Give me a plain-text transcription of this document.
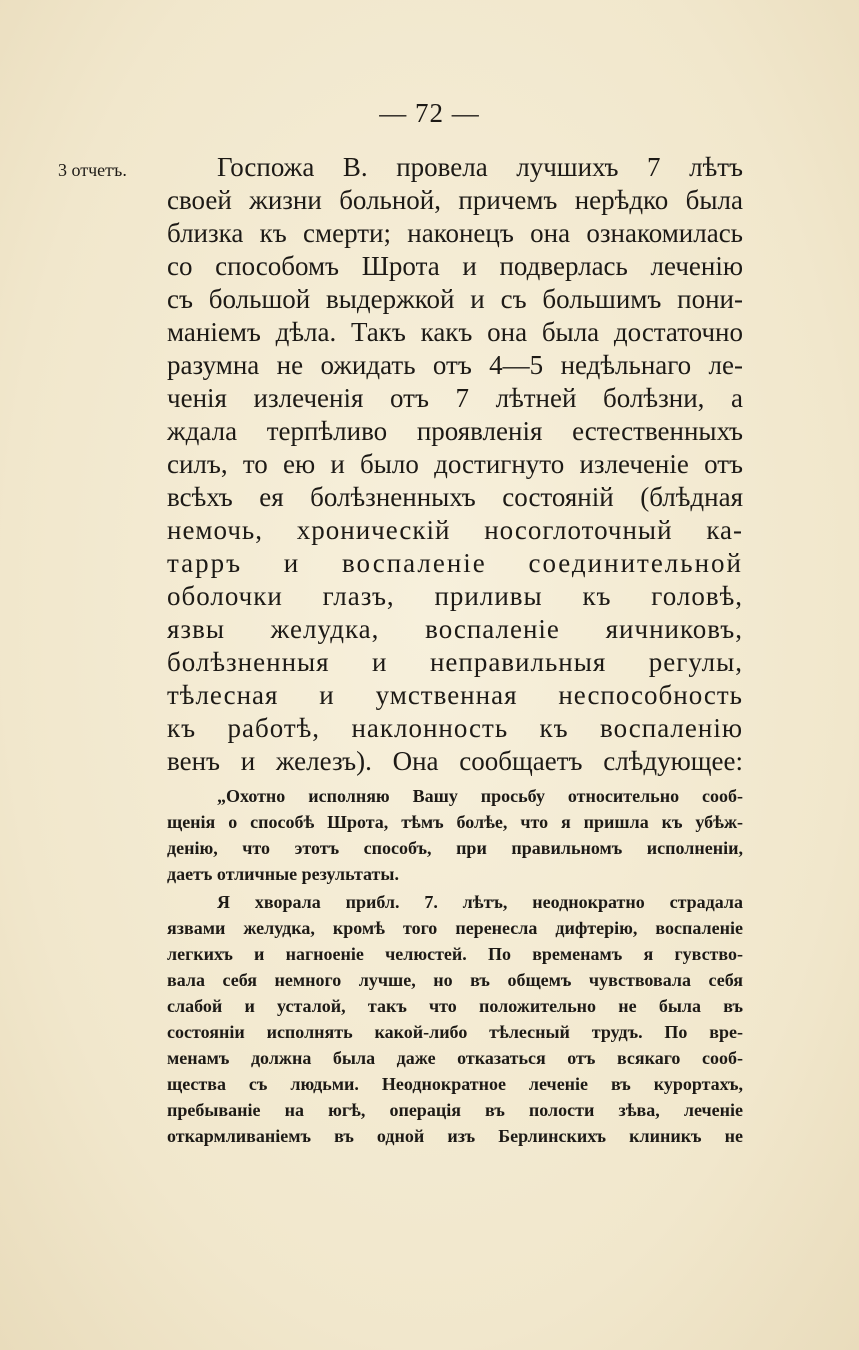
— 72 —
3 отчетъ.	Госпожа В. провела лучшихъ 7 лѣтъ
своей жизни больной, причемъ нерѣдко была
близка къ смерти; наконецъ она ознакомилась
со способомъ Шрота и подверлась леченію
съ большой выдержкой и съ большимъ пони-
маніемъ дѣла. Такъ какъ она была достаточно
разумна не ожидать отъ 4—5 недѣльнаго ле-
ченія излеченія отъ 7 лѣтней болѣзни, а
ждала терпѣливо проявленія естественныхъ
силъ, то ею и было достигнуто излеченіе отъ
всѣхъ ея болѣзненныхъ состояній (блѣдная
немочь, хроническій носоглоточный ка-
тарръ и воспаленіе соединительной
оболочки глазъ, приливы къ головѣ,
язвы желудка, воспаленіе яичниковъ,
болѣзненныя и неправильныя регулы,
тѣлесная и умственная неспособность
къ работѣ, наклонность къ воспаленію
венъ и железъ). Она сообщаетъ слѣдующее:
„Охотно исполняю Вашу просьбу относительно сооб-
щенія о способѣ Шрота, тѣмъ болѣе, что я пришла къ убѣж-
денію, что этотъ способъ, при правильномъ исполненіи,
даетъ отличные результаты.
Я хворала прибл. 7. лѣтъ, неоднократно страдала
язвами желудка, кромѣ того перенесла дифтерію, воспаленіе
легкихъ и нагноеніе челюстей. По временамъ я гувство-
вала себя немного лучше, но въ общемъ чувствовала себя
слабой и усталой, такъ что положительно не была въ
состояніи исполнять какой-либо тѣлесный трудъ. По вре-
менамъ должна была даже отказаться отъ всякаго сооб-
щества съ людьми. Неоднократное леченіе въ курортахъ,
пребываніе на югѣ, операція въ полости зѣва, леченіе
откармливаніемъ въ одной изъ Берлинскихъ клиникъ не
